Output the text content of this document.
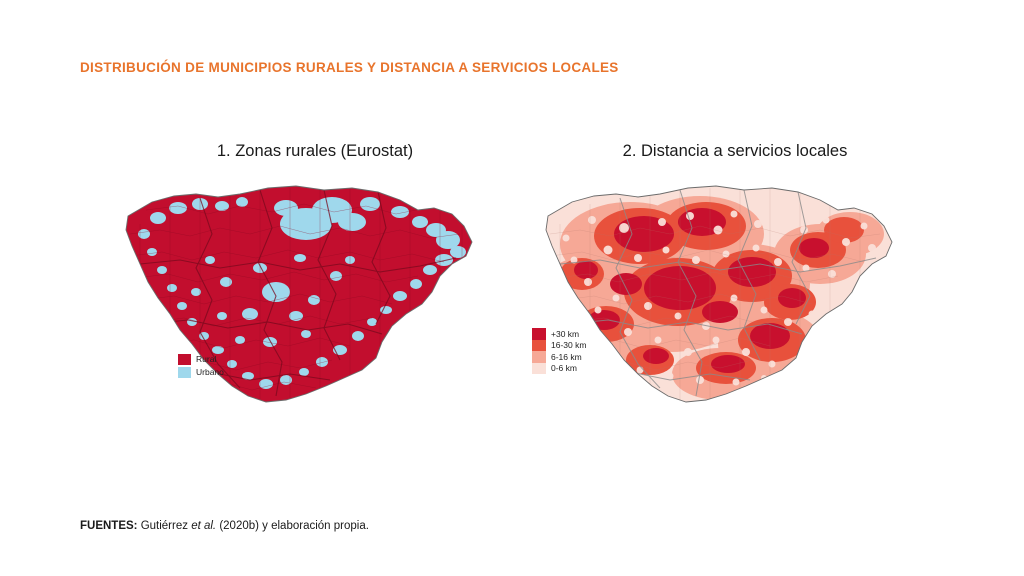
DISTRIBUCIÓN DE MUNICIPIOS RURALES Y DISTANCIA A SERVICIOS LOCALES
1. Zonas rurales (Eurostat)
Rural
Urbano
2. Distancia a servicios locales
+30 km
16-30 km
6-16 km
0-6 km
FUENTES: Gutiérrez et al. (2020b) y elaboración propia.
